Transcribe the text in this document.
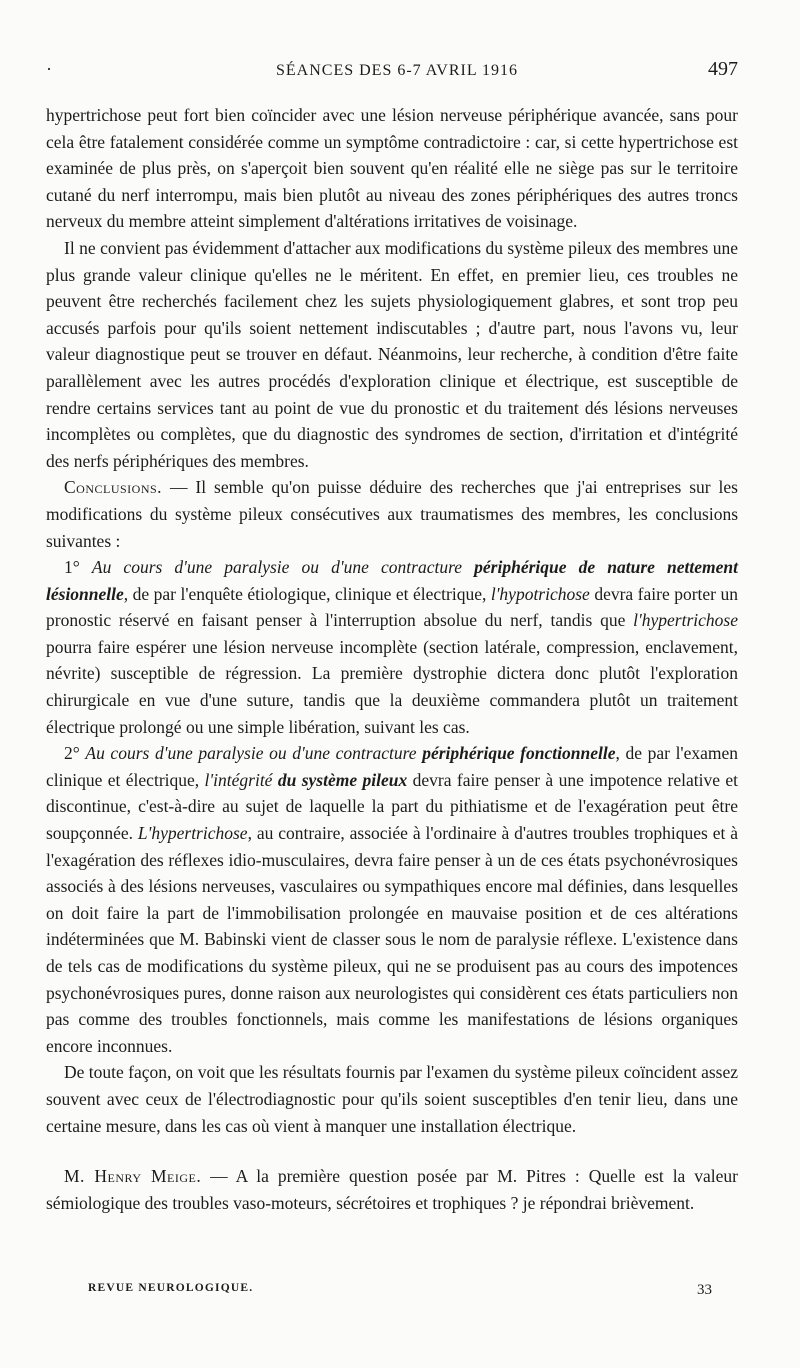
·	SÉANCES DES 6-7 AVRIL 1916	497

hypertrichose peut fort bien coïncider avec une lésion nerveuse périphérique avancée, sans pour cela être fatalement considérée comme un symptôme contradictoire : car, si cette hypertrichose est examinée de plus près, on s'aperçoit bien souvent qu'en réalité elle ne siège pas sur le territoire cutané du nerf interrompu, mais bien plutôt au niveau des zones périphériques des autres troncs nerveux du membre atteint simplement d'altérations irritatives de voisinage.

Il ne convient pas évidemment d'attacher aux modifications du système pileux des membres une plus grande valeur clinique qu'elles ne le méritent. En effet, en premier lieu, ces troubles ne peuvent être recherchés facilement chez les sujets physiologiquement glabres, et sont trop peu accusés parfois pour qu'ils soient nettement indiscutables ; d'autre part, nous l'avons vu, leur valeur diagnostique peut se trouver en défaut. Néanmoins, leur recherche, à condition d'être faite parallèlement avec les autres procédés d'exploration clinique et électrique, est susceptible de rendre certains services tant au point de vue du pronostic et du traitement dés lésions nerveuses incomplètes ou complètes, que du diagnostic des syndromes de section, d'irritation et d'intégrité des nerfs périphériques des membres.

Conclusions. — Il semble qu'on puisse déduire des recherches que j'ai entreprises sur les modifications du système pileux consécutives aux traumatismes des membres, les conclusions suivantes :

1° Au cours d'une paralysie ou d'une contracture périphérique de nature nettement lésionnelle, de par l'enquête étiologique, clinique et électrique, l'hypotrichose devra faire porter un pronostic réservé en faisant penser à l'interruption absolue du nerf, tandis que l'hypertrichose pourra faire espérer une lésion nerveuse incomplète (section latérale, compression, enclavement, névrite) susceptible de régression. La première dystrophie dictera donc plutôt l'exploration chirurgicale en vue d'une suture, tandis que la deuxième commandera plutôt un traitement électrique prolongé ou une simple libération, suivant les cas.

2° Au cours d'une paralysie ou d'une contracture périphérique fonctionnelle, de par l'examen clinique et électrique, l'intégrité du système pileux devra faire penser à une impotence relative et discontinue, c'est-à-dire au sujet de laquelle la part du pithiatisme et de l'exagération peut être soupçonnée. L'hypertrichose, au contraire, associée à l'ordinaire à d'autres troubles trophiques et à l'exagération des réflexes idio-musculaires, devra faire penser à un de ces états psychonévrosiques associés à des lésions nerveuses, vasculaires ou sympathiques encore mal définies, dans lesquelles on doit faire la part de l'immobilisation prolongée en mauvaise position et de ces altérations indéterminées que M. Babinski vient de classer sous le nom de paralysie réflexe. L'existence dans de tels cas de modifications du système pileux, qui ne se produisent pas au cours des impotences psychonévrosiques pures, donne raison aux neurologistes qui considèrent ces états particuliers non pas comme des troubles fonctionnels, mais comme les manifestations de lésions organiques encore inconnues.

De toute façon, on voit que les résultats fournis par l'examen du système pileux coïncident assez souvent avec ceux de l'électrodiagnostic pour qu'ils soient susceptibles d'en tenir lieu, dans une certaine mesure, dans les cas où vient à manquer une installation électrique.

M. Henry Meige. — A la première question posée par M. Pitres : Quelle est la valeur sémiologique des troubles vaso-moteurs, sécrétoires et trophiques ? je répondrai brièvement.

REVUE NEUROLOGIQUE.	33
